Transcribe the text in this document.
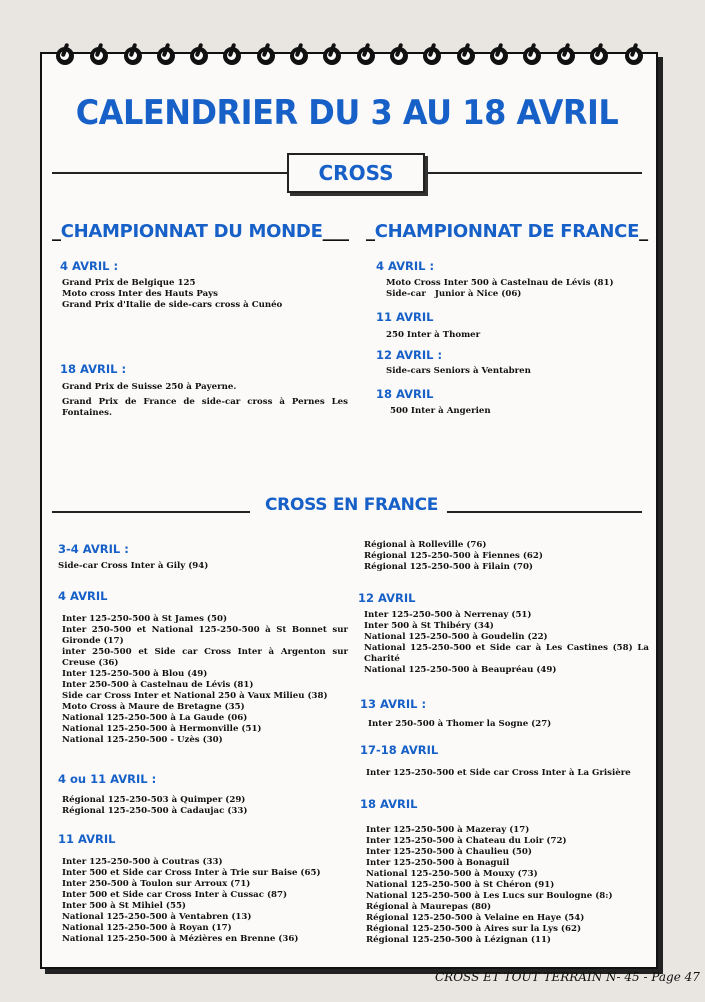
CALENDRIER DU 3 AU 18 AVRIL
CROSS
_CHAMPIONNAT DU MONDE___
4 AVRIL :
Grand Prix de Belgique 125
Moto cross Inter des Hauts Pays
Grand Prix d'Italie de side-cars cross à Cunéo
18 AVRIL :
Grand Prix de Suisse 250 à Payerne.
Grand Prix de France de side-car cross à Pernes Les Fontaines.
_CHAMPIONNAT DE FRANCE_
4 AVRIL :
Moto Cross Inter 500 à Castelnau de Lévis (81)
Side-car   Junior à Nice (06)
11 AVRIL
250 Inter à Thomer
12 AVRIL :
Side-cars Seniors à Ventabren
18 AVRIL
500 Inter à Angerien
CROSS EN FRANCE
3-4 AVRIL :
Side-car Cross Inter à Gily (94)
4 AVRIL
Inter 125-250-500 à St James (50)
Inter 250-500 et National 125-250-500 à St Bonnet sur Gironde (17)
inter 250-500 et Side car Cross Inter à Argenton sur Creuse (36)
Inter 125-250-500 à Blou (49)
Inter 250-500 à Castelnau de Lévis (81)
Side car Cross Inter et National 250 à Vaux Milieu (38)
Moto Cross à Maure de Bretagne (35)
National 125-250-500 à La Gaude (06)
National 125-250-500 à Hermonville (51)
National 125-250-500 - Uzès (30)
4 ou 11 AVRIL :
Régional 125-250-503 à Quimper (29)
Régional 125-250-500 à Cadaujac (33)
11 AVRIL
Inter 125-250-500 à Coutras (33)
Inter 500 et Side car Cross Inter à Trie sur Baise (65)
Inter 250-500 à Toulon sur Arroux (71)
Inter 500 et Side car Cross Inter à Cussac (87)
Inter 500 à St Mihiel (55)
National 125-250-500 à Ventabren (13)
National 125-250-500 à Royan (17)
National 125-250-500 à Mézières en Brenne (36)
Régional à Rolleville (76)
Régional 125-250-500 à Fiennes (62)
Régional 125-250-500 à Filain (70)
12 AVRIL
Inter 125-250-500 à Nerrenay (51)
Inter 500 à St Thibéry (34)
National 125-250-500 à Goudelin (22)
National 125-250-500 et Side car à Les Castines (58) La Charité
National 125-250-500 à Beaupréau (49)
13 AVRIL :
Inter 250-500 à Thomer la Sogne (27)
17-18 AVRIL
Inter 125-250-500 et Side car Cross Inter à La Grisière
18 AVRIL
Inter 125-250-500 à Mazeray (17)
Inter 125-250-500 à Chateau du Loir (72)
Inter 125-250-500 à Chaulieu (50)
Inter 125-250-500 à Bonaguil
National 125-250-500 à Mouxy (73)
National 125-250-500 à St Chéron (91)
National 125-250-500 à Les Lucs sur Boulogne (8:)
Régional à Maurepas (80)
Régional 125-250-500 à Velaine en Haye (54)
Régional 125-250-500 à Aires sur la Lys (62)
Régional 125-250-500 à Lézignan (11)
CROSS ET TOUT TERRAIN N- 45 - Page 47
